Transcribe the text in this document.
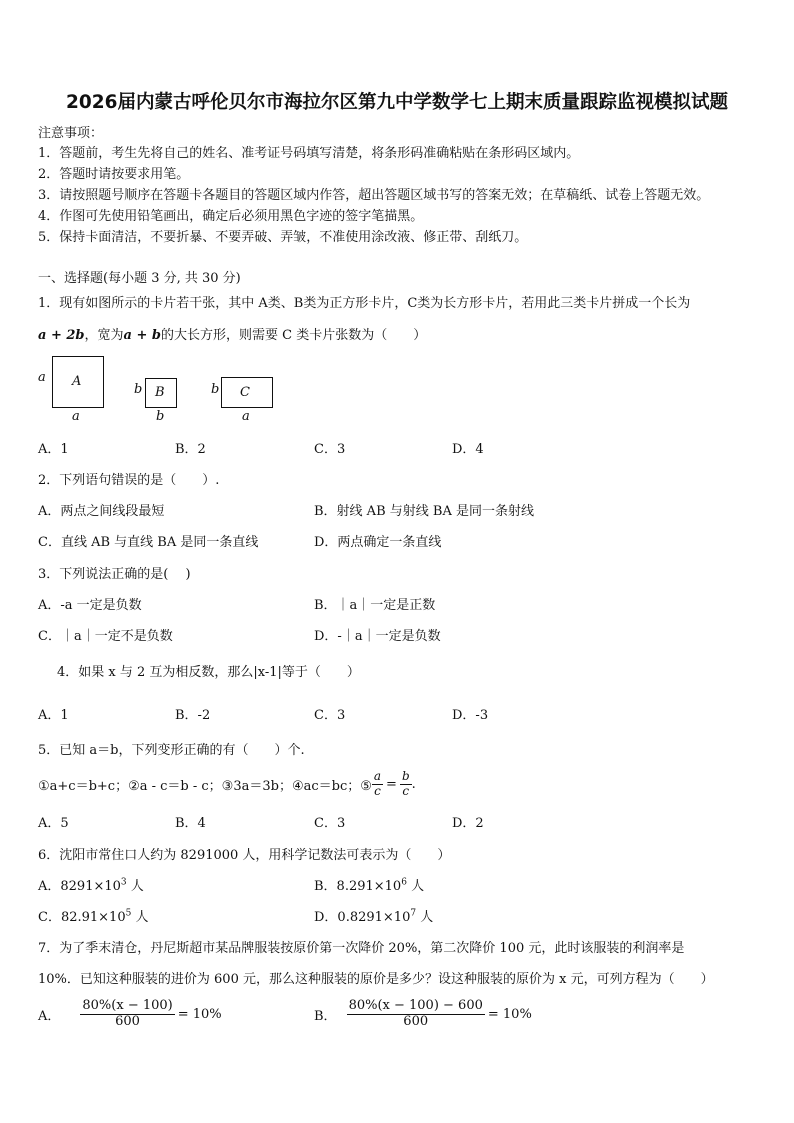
2026届内蒙古呼伦贝尔市海拉尔区第九中学数学七上期末质量跟踪监视模拟试题
注意事项：
1．答题前，考生先将自己的姓名、准考证号码填写清楚，将条形码准确粘贴在条形码区域内。
2．答题时请按要求用笔。
3．请按照题号顺序在答题卡各题目的答题区域内作答，超出答题区域书写的答案无效；在草稿纸、试卷上答题无效。
4．作图可先使用铅笔画出，确定后必须用黑色字迹的签字笔描黑。
5．保持卡面清洁，不要折暴、不要弄破、弄皱，不准使用涂改液、修正带、刮纸刀。
一、选择题(每小题 3 分, 共 30 分)
1．现有如图所示的卡片若干张，其中 A类、B类为正方形卡片，C类为长方形卡片，若用此三类卡片拼成一个长为
a + 2b，宽为a + b的大长方形，则需要 C 类卡片张数为（　　）
a A
a
b B
b
b C
a
A．1	B．2	C．3	D．4
2．下列语句错误的是（　　）.
A．两点之间线段最短	B．射线 AB 与射线 BA 是同一条射线
C．直线 AB 与直线 BA 是同一条直线	D．两点确定一条直线
3．下列说法正确的是(　 )
A．-a 一定是负数	B．｜a｜一定是正数
C．｜a｜一定不是负数	D．-｜a｜一定是负数
4．如果 x 与 2 互为相反数，那么|x-1|等于（　　）
A．1	B．-2	C．3	D．-3
5．已知 a＝b，下列变形正确的有（　　）个.
①a+c＝b+c；②a - c＝b - c；③3a＝3b；④ac＝bc；⑤ $\frac{a}{c} = \frac{b}{c}$ .
A．5	B．4	C．3	D．2
6．沈阳市常住口人约为 8291000 人，用科学记数法可表示为（　　）
A．$8291\times 10^3$ 人	B．$8.291\times 10^6$ 人
C．$82.91\times 10^5$ 人	D．$0.8291\times 10^7$ 人
7．为了季末清仓，丹尼斯超市某品牌服装按原价第一次降价 20%，第二次降价 100 元，此时该服装的利润率是
10%．已知这种服装的进价为 600 元，那么这种服装的原价是多少？设这种服装的原价为 x 元，可列方程为（　　）
A． $\frac{80\%(x - 100)}{600} = 10\%$	B． $\frac{80\%(x - 100) - 600}{600} = 10\%$
